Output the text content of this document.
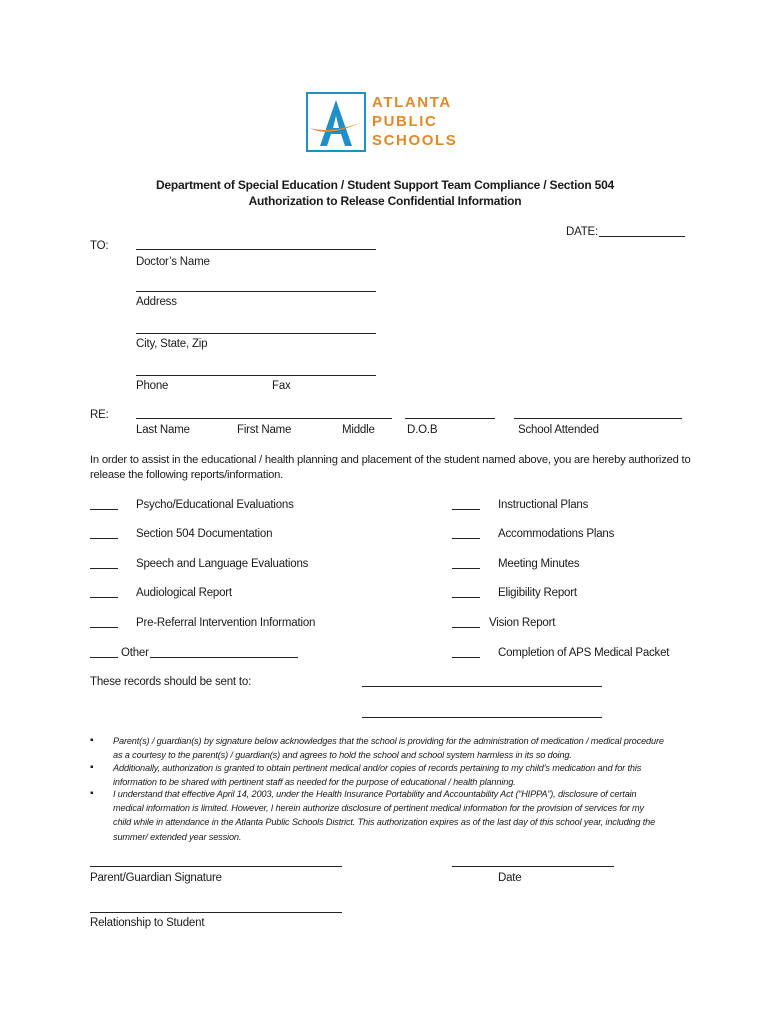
ATLANTA
PUBLIC
SCHOOLS
Department of Special Education / Student Support Team Compliance / Section 504
Authorization to Release Confidential Information
DATE:
TO:
Doctor’s Name
Address
City, State, Zip
Phone	Fax
RE:
Last Name	First Name	Middle	D.O.B	School Attended
In order to assist in the educational / health planning and placement of the student named above, you are hereby authorized to
release the following reports/information.
Psycho/Educational Evaluations
Section 504 Documentation
Speech and Language Evaluations
Audiological Report
Pre-Referral Intervention Information
Other
Instructional Plans
Accommodations Plans
Meeting Minutes
Eligibility Report
Vision Report
Completion of APS Medical Packet
These records should be sent to:
▪ Parent(s) / guardian(s) by signature below acknowledges that the school is providing for the administration of medication / medical procedure
as a courtesy to the parent(s) / guardian(s) and agrees to hold the school and school system harmless in its so doing.
▪ Additionally, authorization is granted to obtain pertinent medical and/or copies of records pertaining to my child’s medication and for this
information to be shared with pertinent staff as needed for the purpose of educational / health planning.
▪ I understand that effective April 14, 2003, under the Health Insurance Portability and Accountability Act (“HIPPA”), disclosure of certain
medical information is limited. However, I herein authorize disclosure of pertinent medical information for the provision of services for my
child while in attendance in the Atlanta Public Schools District. This authorization expires as of the last day of this school year, including the
summer/ extended year session.
Parent/Guardian Signature	Date
Relationship to Student
